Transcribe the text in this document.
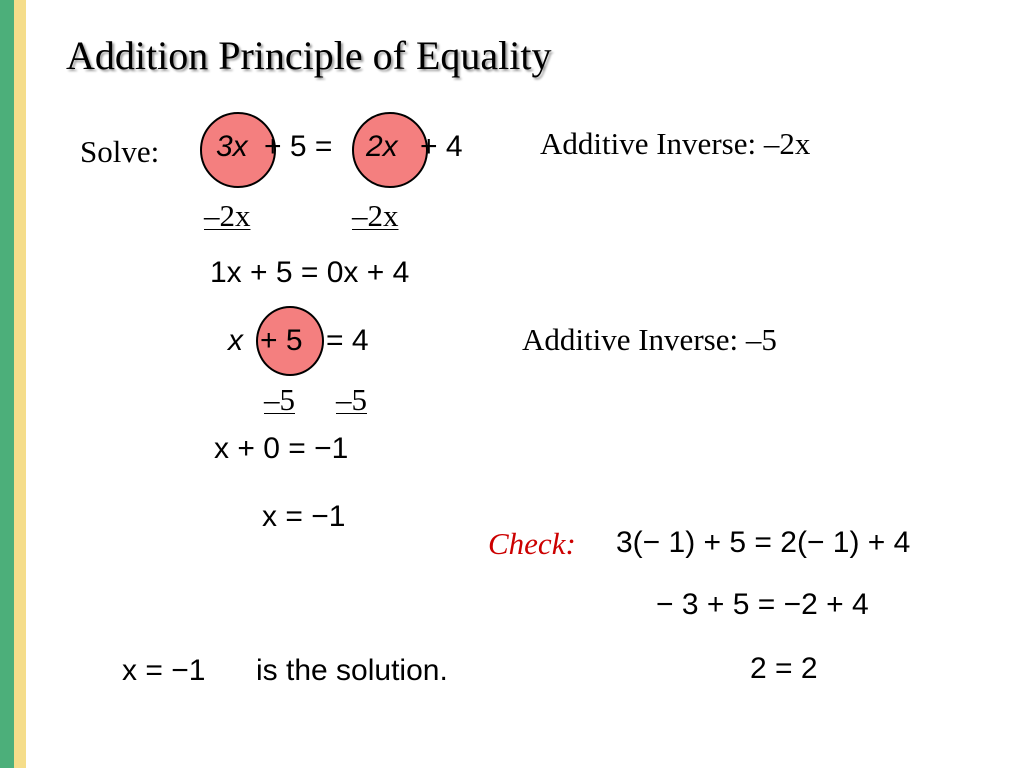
Addition Principle of Equality
Solve: 3x + 5 = 2x + 4 Additive Inverse: –2x
–2x	–2x
1x + 5 = 0x + 4
x + 5 = 4	Additive Inverse: –5
–5 –5
x + 0 = −1
x = −1
Check: 3(− 1) + 5 = 2(− 1) + 4
− 3 + 5 = −2 + 4
2 = 2
x = −1 is the solution.
